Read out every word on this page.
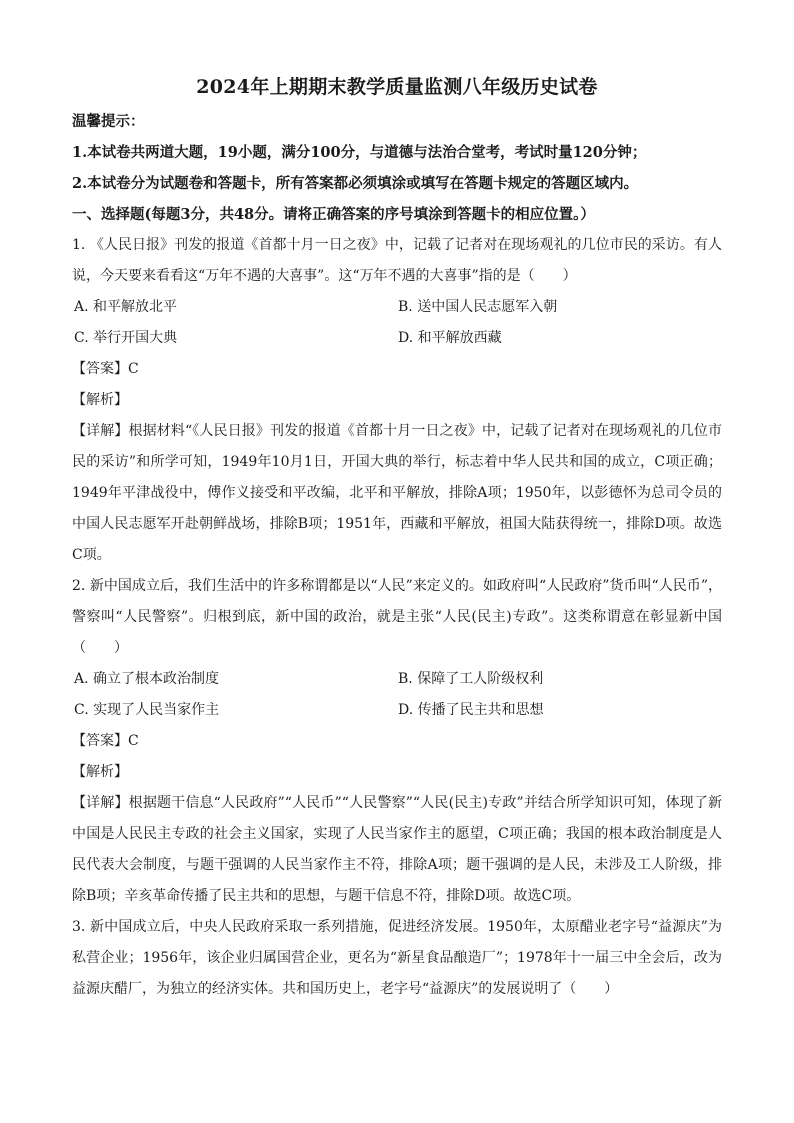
2024年上期期末教学质量监测八年级历史试卷
温馨提示：
1.本试卷共两道大题，19小题，满分100分，与道德与法治合堂考，考试时量120分钟；
2.本试卷分为试题卷和答题卡，所有答案都必须填涂或填写在答题卡规定的答题区域内。
一、选择题(每题3分，共48分。请将正确答案的序号填涂到答题卡的相应位置。）
1. 《人民日报》刊发的报道《首都十月一日之夜》中，记载了记者对在现场观礼的几位市民的采访。有人说，今天要来看看这“万年不遇的大喜事”。这“万年不遇的大喜事”指的是（　　）
A. 和平解放北平	B. 送中国人民志愿军入朝
C. 举行开国大典	D. 和平解放西藏
【答案】C
【解析】
【详解】根据材料“《人民日报》刊发的报道《首都十月一日之夜》中，记载了记者对在现场观礼的几位市民的采访”和所学可知，1949年10月1日，开国大典的举行，标志着中华人民共和国的成立，C项正确；1949年平津战役中，傅作义接受和平改编，北平和平解放，排除A项；1950年，以彭德怀为总司令员的中国人民志愿军开赴朝鲜战场，排除B项；1951年，西藏和平解放，祖国大陆获得统一，排除D项。故选C项。
2. 新中国成立后，我们生活中的许多称谓都是以“人民”来定义的。如政府叫“人民政府”货币叫“人民币”，警察叫“人民警察”。归根到底，新中国的政治，就是主张“人民(民主)专政”。这类称谓意在彰显新中国（　　）
A. 确立了根本政治制度	B. 保障了工人阶级权利
C. 实现了人民当家作主	D. 传播了民主共和思想
【答案】C
【解析】
【详解】根据题干信息“人民政府”“人民币”“人民警察”“人民(民主)专政”并结合所学知识可知，体现了新中国是人民民主专政的社会主义国家，实现了人民当家作主的愿望，C项正确；我国的根本政治制度是人民代表大会制度，与题干强调的人民当家作主不符，排除A项；题干强调的是人民，未涉及工人阶级，排除B项；辛亥革命传播了民主共和的思想，与题干信息不符，排除D项。故选C项。
3. 新中国成立后，中央人民政府采取一系列措施，促进经济发展。1950年，太原醋业老字号“益源庆”为私营企业；1956年，该企业归属国营企业，更名为“新星食品酿造厂”；1978年十一届三中全会后，改为益源庆醋厂，为独立的经济实体。共和国历史上，老字号“益源庆”的发展说明了（　　）
